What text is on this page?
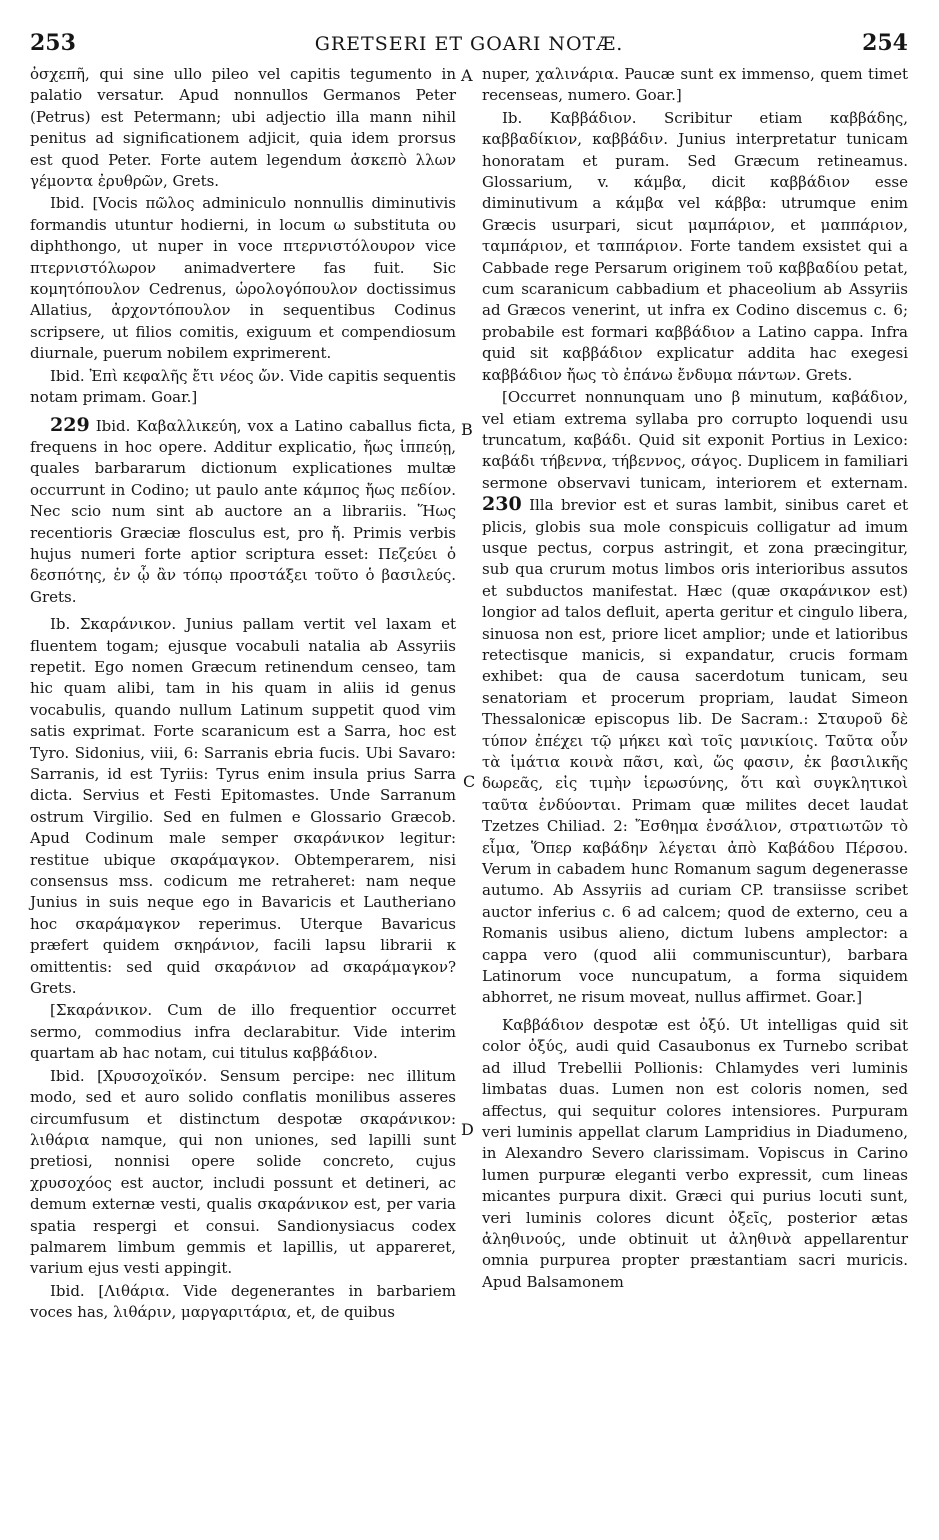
253	GRETSERI ET GOARI NOTÆ.	254
A
B
C
D

ὀσχεπῆ, qui sine ullo pileo vel capitis tegumento in palatio versatur. Apud nonnullos Germanos Peter (Petrus) est Petermann; ubi adjectio illa mann nihil penitus ad significationem adjicit, quia idem prorsus est quod Peter. Forte autem legendum ἀσκεπὸ λλων γέμοντα ἐρυθρῶν, Grets.

Ibid. [Vocis πῶλος adminiculo nonnullis diminutivis formandis utuntur hodierni, in locum ω substituta ου diphthongo, ut nuper in voce πτερνιστόλουρον vice πτερνιστόλωρον animadvertere fas fuit. Sic κομητόπουλον Cedrenus, ὡρολογόπουλον doctissimus Allatius, ἀρχοντόπουλον in sequentibus Codinus scripsere, ut filios comitis, exiguum et compendiosum diurnale, puerum nobilem exprimerent.

Ibid. Ἐπὶ κεφαλῆς ἔτι νέος ὤν. Vide capitis sequentis notam primam. Goar.]

229 Ibid. Καβαλλικεύη, vox a Latino caballus ficta, frequens in hoc opere. Additur explicatio, ἤως ἱππεύῃ, quales barbararum dictionum explicationes multæ occurrunt in Codino; ut paulo ante κάμπος ἤως πεδίον. Nec scio num sint ab auctore an a librariis. Ἥως recentioris Græciæ flosculus est, pro ἤ. Primis verbis hujus numeri forte aptior scriptura esset: Πεζεύει ὁ δεσπότης, ἐν ᾧ ἂν τόπῳ προστάξει τοῦτο ὁ βασιλεύς. Grets.

Ib. Σκαράνικον. Junius pallam vertit vel laxam et fluentem togam; ejusque vocabuli natalia ab Assyriis repetit. Ego nomen Græcum retinendum censeo, tam hic quam alibi, tam in his quam in aliis id genus vocabulis, quando nullum Latinum suppetit quod vim satis exprimat. Forte scaranicum est a Sarra, hoc est Tyro. Sidonius, viii, 6: Sarranis ebria fucis. Ubi Savaro: Sarranis, id est Tyriis: Tyrus enim insula prius Sarra dicta. Servius et Festi Epitomastes. Unde Sarranum ostrum Virgilio. Sed en fulmen e Glossario Græcob. Apud Codinum male semper σκαράνικον legitur: restitue ubique σκαράμαγκον. Obtemperarem, nisi consensus mss. codicum me retraheret: nam neque Junius in suis neque ego in Bavaricis et Lautheriano hoc σκαράμαγκον reperimus. Uterque Bavaricus præfert quidem σκηράνιον, facili lapsu librarii κ omittentis: sed quid σκαράνιον ad σκαράμαγκον? Grets.

[Σκαράνικον. Cum de illo frequentior occurret sermo, commodius infra declarabitur. Vide interim quartam ab hac notam, cui titulus καββάδιον.

Ibid. [Χρυσοχοϊκόν. Sensum percipe: nec illitum modo, sed et auro solido conflatis monilibus asseres circumfusum et distinctum despotæ σκαράνικον: λιθάρια namque, qui non uniones, sed lapilli sunt pretiosi, nonnisi opere solide concreto, cujus χρυσοχόος est auctor, includi possunt et detineri, ac demum externæ vesti, qualis σκαράνικον est, per varia spatia respergi et consui. Sandionysiacus codex palmarem limbum gemmis et lapillis, ut appareret, varium ejus vesti appingit.

Ibid. [Λιθάρια. Vide degenerantes in barbariem voces has, λιθάριν, μαργαριτάρια, et, de quibus

nuper, χαλινάρια. Paucæ sunt ex immenso, quem timet recenseas, numero. Goar.]

Ib. Καββάδιον. Scribitur etiam καββάδης, καββαδίκιον, καββάδιν. Junius interpretatur tunicam honoratam et puram. Sed Græcum retineamus. Glossarium, v. κάμβα, dicit καββάδιον esse diminutivum a κάμβα vel κάββα: utrumque enim Græcis usurpari, sicut μαμπάριον, et μαππάριον, ταμπάριον, et ταππάριον. Forte tandem exsistet qui a Cabbade rege Persarum originem τοῦ καββαδίου petat, cum scaranicum cabbadium et phaceolium ab Assyriis ad Græcos venerint, ut infra ex Codino discemus c. 6; probabile est formari καββάδιον a Latino cappa. Infra quid sit καββάδιον explicatur addita hac exegesi καββάδιον ἤως τὸ ἐπάνω ἔνδυμα πάντων. Grets.

[Occurret nonnunquam uno β minutum, καβάδιον, vel etiam extrema syllaba pro corrupto loquendi usu truncatum, καβάδι. Quid sit exponit Portius in Lexico: καβάδι τήβεννα, τήβεννος, σάγος. Duplicem in familiari sermone observavi tunicam, interiorem et externam. 230 Illa brevior est et suras lambit, sinibus caret et plicis, globis sua mole conspicuis colligatur ad imum usque pectus, corpus astringit, et zona præcingitur, sub qua crurum motus limbos oris interioribus assutos et subductos manifestat. Hæc (quæ σκαράνικον est) longior ad talos defluit, aperta geritur et cingulo libera, sinuosa non est, priore licet amplior; unde et latioribus retectisque manicis, si expandatur, crucis formam exhibet: qua de causa sacerdotum tunicam, seu senatoriam et procerum propriam, laudat Simeon Thessalonicæ episcopus lib. De Sacram.: Σταυροῦ δὲ τύπον ἐπέχει τῷ μήκει καὶ τοῖς μανικίοις. Ταῦτα οὖν τὰ ἱμάτια κοινὰ πᾶσι, καὶ, ὥς φασιν, ἐκ βασιλικῆς δωρεᾶς, εἰς τιμὴν ἱερωσύνης, ὅτι καὶ συγκλητικοὶ ταῦτα ἐνδύονται. Primam quæ milites decet laudat Tzetzes Chiliad. 2: Ἔσθημα ἐνσάλιον, στρατιωτῶν τὸ εἶμα, Ὅπερ καβάδην λέγεται ἀπὸ Καβάδου Πέρσου. Verum in cabadem hunc Romanum sagum degenerasse autumo. Ab Assyriis ad curiam CP. transiisse scribet auctor inferius c. 6 ad calcem; quod de externo, ceu a Romanis usibus alieno, dictum lubens amplector: a cappa vero (quod alii communiscuntur), barbara Latinorum voce nuncupatum, a forma siquidem abhorret, ne risum moveat, nullus affirmet. Goar.]

Καββάδιον despotæ est ὀξύ. Ut intelligas quid sit color ὀξύς, audi quid Casaubonus ex Turnebo scribat ad illud Trebellii Pollionis: Chlamydes veri luminis limbatas duas. Lumen non est coloris nomen, sed affectus, qui sequitur colores intensiores. Purpuram veri luminis appellat clarum Lampridius in Diadumeno, in Alexandro Severo clarissimam. Vopiscus in Carino lumen purpuræ eleganti verbo expressit, cum lineas micantes purpura dixit. Græci qui purius locuti sunt, veri luminis colores dicunt ὀξεῖς, posterior ætas ἀληθινούς, unde obtinuit ut ἀληθινὰ appellarentur omnia purpurea propter præstantiam sacri muricis. Apud Balsamonem
